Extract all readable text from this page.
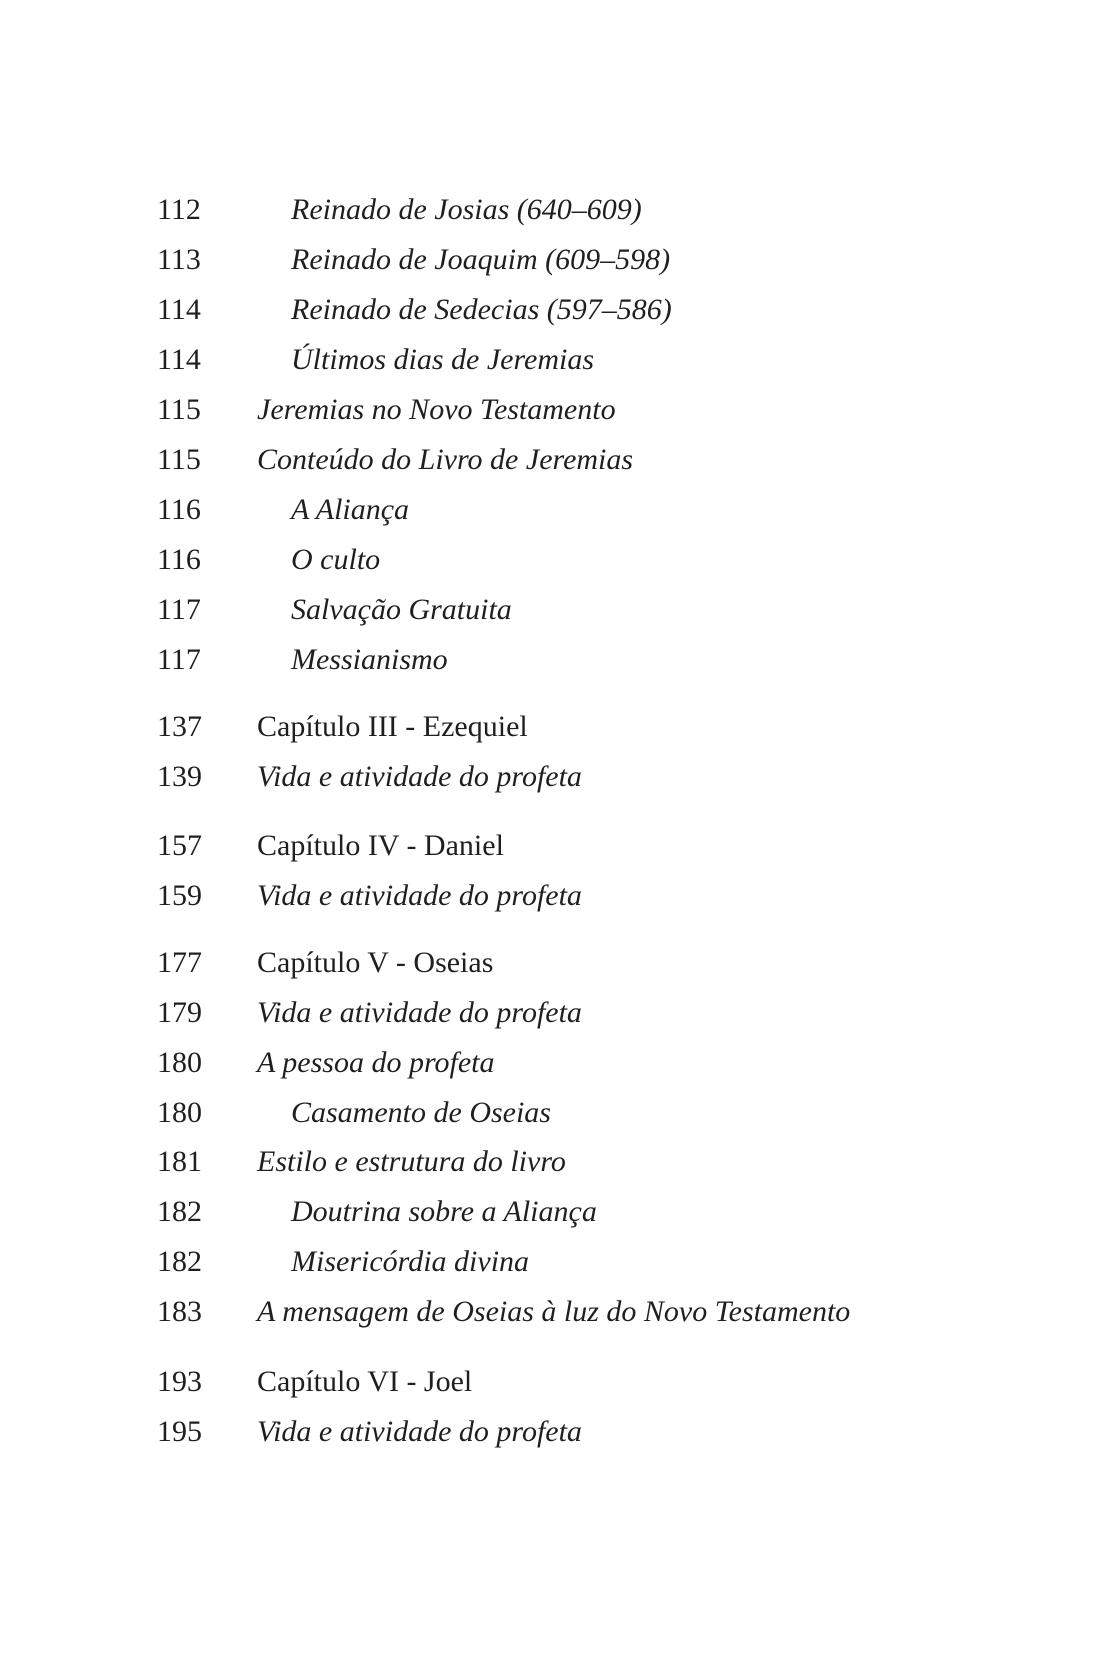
112	Reinado de Josias (640–609)
113	Reinado de Joaquim (609–598)
114	Reinado de Sedecias (597–586)
114	Últimos dias de Jeremias
115 Jeremias no Novo Testamento
115 Conteúdo do Livro de Jeremias
116	A Aliança
116	O culto
117	Salvação Gratuita
117	Messianismo
137 Capítulo III - Ezequiel
139 Vida e atividade do profeta
157 Capítulo IV - Daniel
159 Vida e atividade do profeta
177 Capítulo V - Oseias
179 Vida e atividade do profeta
180 A pessoa do profeta
180	Casamento de Oseias
181 Estilo e estrutura do livro
182	Doutrina sobre a Aliança
182	Misericórdia divina
183 A mensagem de Oseias à luz do Novo Testamento
193 Capítulo VI - Joel
195 Vida e atividade do profeta
